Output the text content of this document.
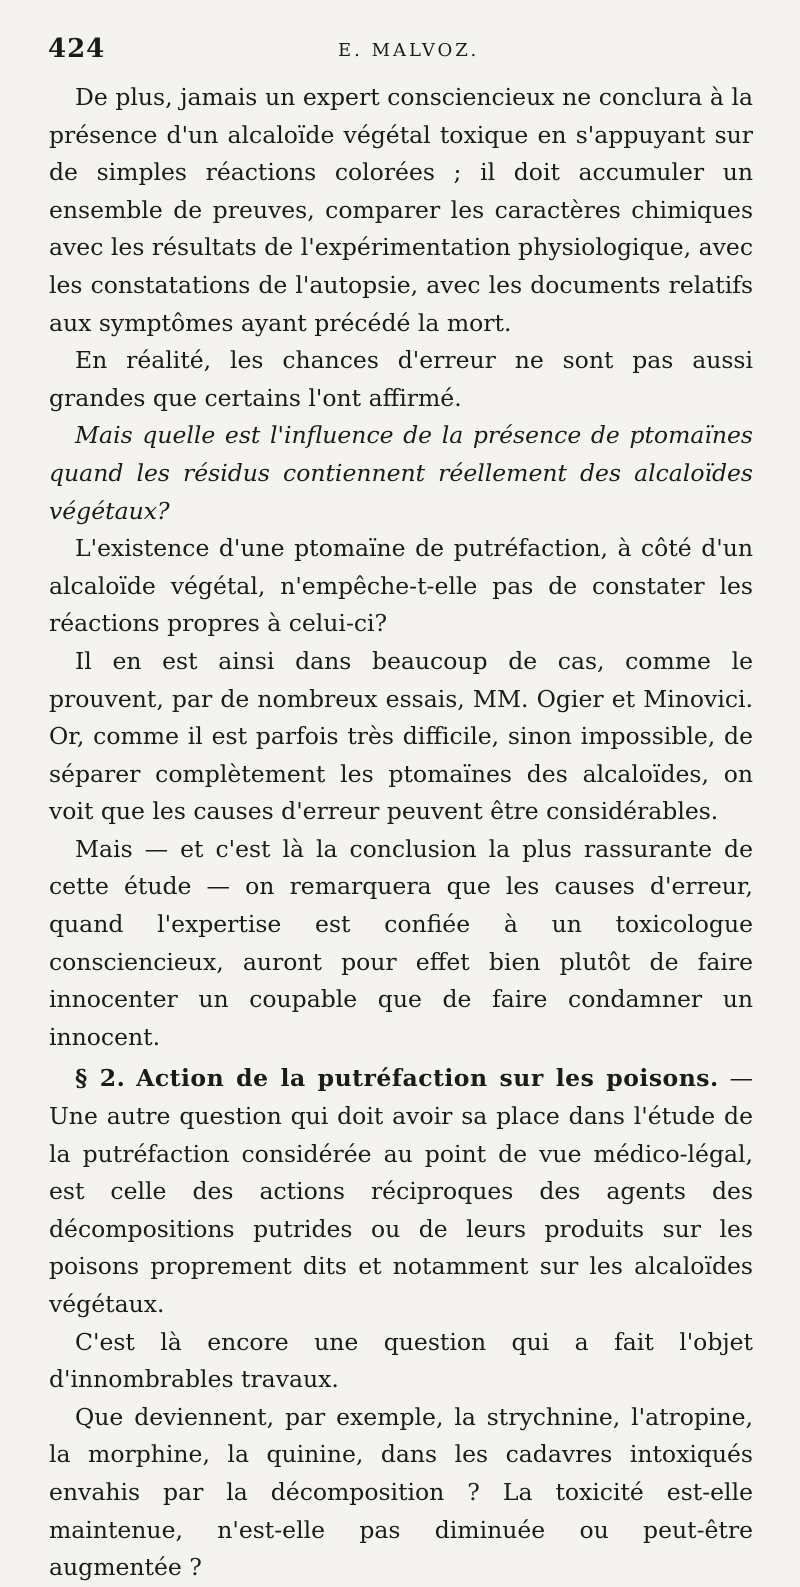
424	E. MALVOZ.

De plus, jamais un expert consciencieux ne conclura à la présence d'un alcaloïde végétal toxique en s'appuyant sur de simples réactions colorées ; il doit accumuler un ensemble de preuves, comparer les caractères chimiques avec les résultats de l'expérimentation physiologique, avec les constatations de l'autopsie, avec les documents relatifs aux symptômes ayant précédé la mort.

En réalité, les chances d'erreur ne sont pas aussi grandes que certains l'ont affirmé.

Mais quelle est l'influence de la présence de ptomaïnes quand les résidus contiennent réellement des alcaloïdes végétaux?

L'existence d'une ptomaïne de putréfaction, à côté d'un alcaloïde végétal, n'empêche-t-elle pas de constater les réactions propres à celui-ci?

Il en est ainsi dans beaucoup de cas, comme le prouvent, par de nombreux essais, MM. Ogier et Minovici. Or, comme il est parfois très difficile, sinon impossible, de séparer complètement les ptomaïnes des alcaloïdes, on voit que les causes d'erreur peuvent être considérables.

Mais — et c'est là la conclusion la plus rassurante de cette étude — on remarquera que les causes d'erreur, quand l'expertise est confiée à un toxicologue consciencieux, auront pour effet bien plutôt de faire innocenter un coupable que de faire condamner un innocent.

§ 2. Action de la putréfaction sur les poisons. — Une autre question qui doit avoir sa place dans l'étude de la putréfaction considérée au point de vue médico-légal, est celle des actions réciproques des agents des décompositions putrides ou de leurs produits sur les poisons proprement dits et notamment sur les alcaloïdes végétaux.

C'est là encore une question qui a fait l'objet d'innombrables travaux.

Que deviennent, par exemple, la strychnine, l'atropine, la morphine, la quinine, dans les cadavres intoxiqués envahis par la décomposition ? La toxicité est-elle maintenue, n'est-elle pas diminuée ou peut-être augmentée ?
